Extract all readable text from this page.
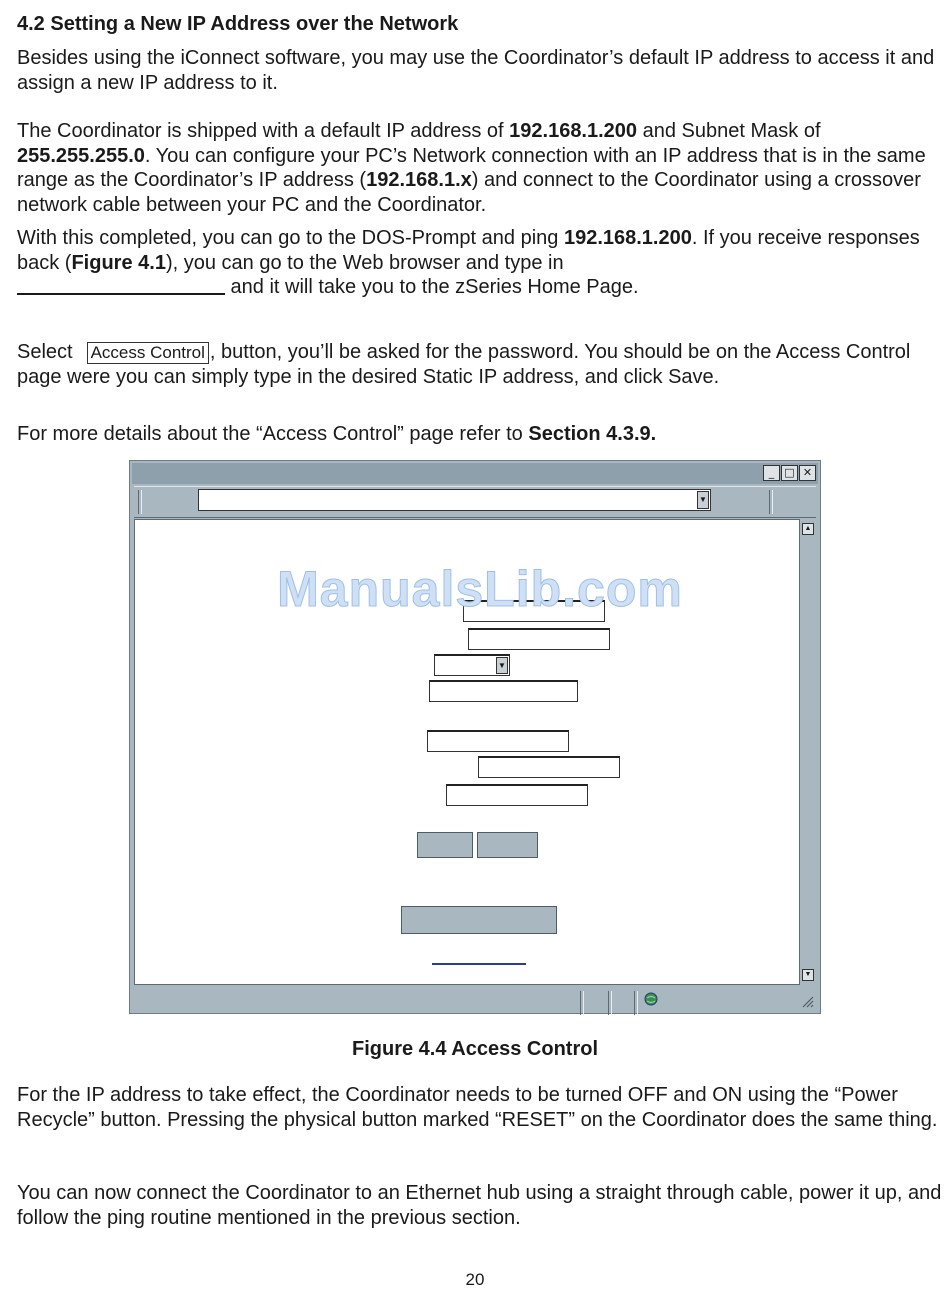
4.2 Setting a New IP Address over the Network

Besides using the iConnect software, you may use the Coordinator’s default IP address to access it and assign a new IP address to it.

The Coordinator is shipped with a default IP address of 192.168.1.200 and Subnet Mask of 255.255.255.0. You can configure your PC’s Network connection with an IP address that is in the same range as the Coordinator’s IP address (192.168.1.x) and connect to the Coordinator using a crossover network cable between your PC and the Coordinator.

With this completed, you can go to the DOS-Prompt and ping 192.168.1.200. If you receive responses back (Figure 4.1), you can go to the Web browser and type in
and it will take you to the zSeries Home Page.

Select Access Control , button, you’ll be asked for the password. You should be on the Access Control page were you can simply type in the desired Static IP address, and click Save.

For more details about the “Access Control” page refer to Section 4.3.9.

_ □ ✕
▼
▼
▲
▼
ManualsLib.com
Figure 4.4 Access Control

For the IP address to take effect, the Coordinator needs to be turned OFF and ON using the “Power Recycle” button. Pressing the physical button marked “RESET” on the Coordinator does the same thing.

You can now connect the Coordinator to an Ethernet hub using a straight through cable, power it up, and follow the ping routine mentioned in the previous section.

20
